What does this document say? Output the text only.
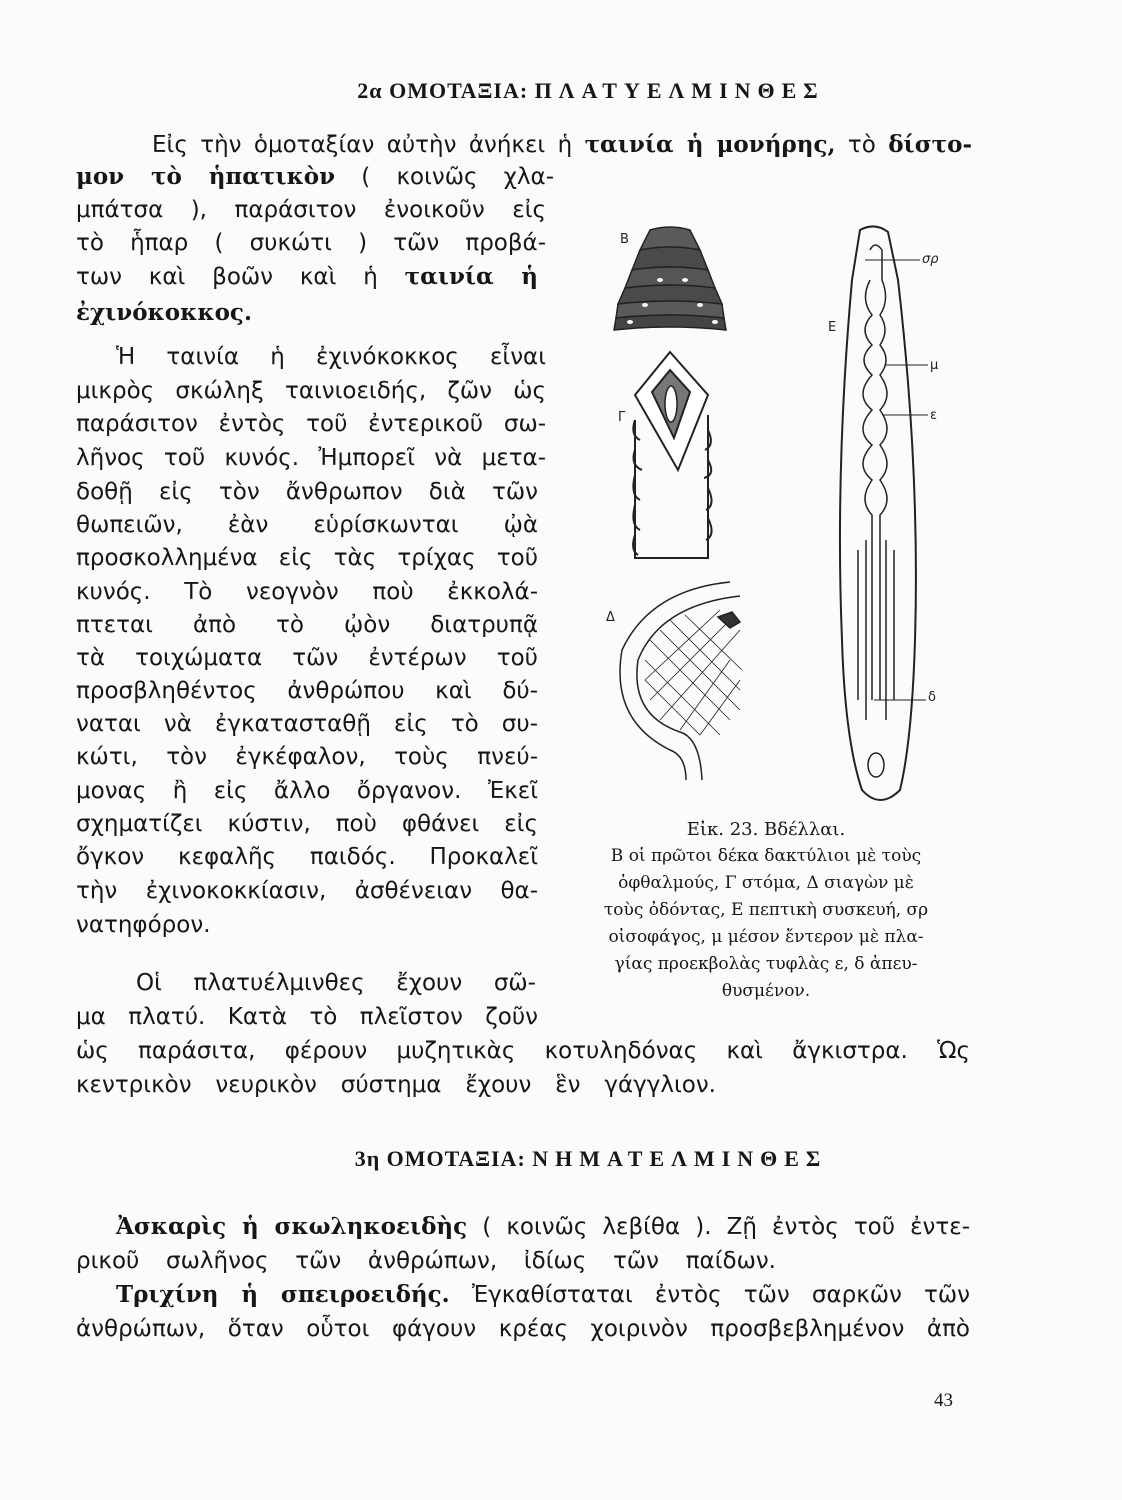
2α ΟΜΟΤΑΞΙΑ: ΠΛΑΤΥΕΛΜΙΝΘΕΣ
Εἰς τὴν ὁμοταξίαν αὐτὴν ἀνήκει ἡ ταινία ἡ μονήρης, τὸ δίστο-
μον τὸ ἡπατικὸν ( κοινῶς χλα-
μπάτσα ), παράσιτον ἐνοικοῦν εἰς
τὸ ἧπαρ ( συκώτι ) τῶν προβά-
των καὶ βοῶν καὶ ἡ ταινία ἡ
ἐχινόκοκκος.
Ἡ ταινία ἡ ἐχινόκοκκος εἶναι
μικρὸς σκώληξ ταινιοειδής, ζῶν ὡς
παράσιτον ἐντὸς τοῦ ἐντερικοῦ σω-
λῆνος τοῦ κυνός. Ἠμπορεῖ νὰ μετα-
δοθῇ εἰς τὸν ἄνθρωπον διὰ τῶν
θωπειῶν, ἐὰν εὑρίσκωνται ᾠὰ
προσκολλημένα εἰς τὰς τρίχας τοῦ
κυνός. Τὸ νεογνὸν ποὺ ἐκκολά-
πτεται ἀπὸ τὸ ᾠὸν διατρυπᾷ
τὰ τοιχώματα τῶν ἐντέρων τοῦ
προσβληθέντος ἀνθρώπου καὶ δύ-
ναται νὰ ἐγκατασταθῇ εἰς τὸ συ-
κώτι, τὸν ἐγκέφαλον, τοὺς πνεύ-
μονας ἢ εἰς ἄλλο ὄργανον. Ἐκεῖ
σχηματίζει κύστιν, ποὺ φθάνει εἰς
ὄγκον κεφαλῆς παιδός. Προκαλεῖ
τὴν ἐχινοκοκκίασιν, ἀσθένειαν θα-
νατηφόρον.
Οἱ πλατυέλμινθες ἔχουν σῶ-
μα πλατύ. Κατὰ τὸ πλεῖστον ζοῦν
ὡς παράσιτα, φέρουν μυζητικὰς κοτυληδόνας καὶ ἄγκιστρα. Ὡς
κεντρικὸν νευρικὸν σύστημα ἔχουν ἓν γάγγλιον.
Β
Γ
Δ
Ε
σρ
μ
ε
δ
Εἰκ. 23. Βδέλλαι.
Β οἱ πρῶτοι δέκα δακτύλιοι μὲ τοὺς
ὀφθαλμούς, Γ στόμα, Δ σιαγὼν μὲ
τοὺς ὀδόντας, Ε πεπτικὴ συσκευή, σρ
οἰσοφάγος, μ μέσον ἔντερον μὲ πλα-
γίας προεκβολὰς τυφλὰς ε, δ ἀπευ-
θυσμένον.
3η ΟΜΟΤΑΞΙΑ: ΝΗΜΑΤΕΛΜΙΝΘΕΣ
Ἀσκαρὶς ἡ σκωληκοειδὴς ( κοινῶς λεβίθα ). Ζῇ ἐντὸς τοῦ ἐντε-
ρικοῦ σωλῆνος τῶν ἀνθρώπων, ἰδίως τῶν παίδων.
Τριχίνη ἡ σπειροειδής. Ἐγκαθίσταται ἐντὸς τῶν σαρκῶν τῶν
ἀνθρώπων, ὅταν οὗτοι φάγουν κρέας χοιρινὸν προσβεβλημένον ἀπὸ
43
